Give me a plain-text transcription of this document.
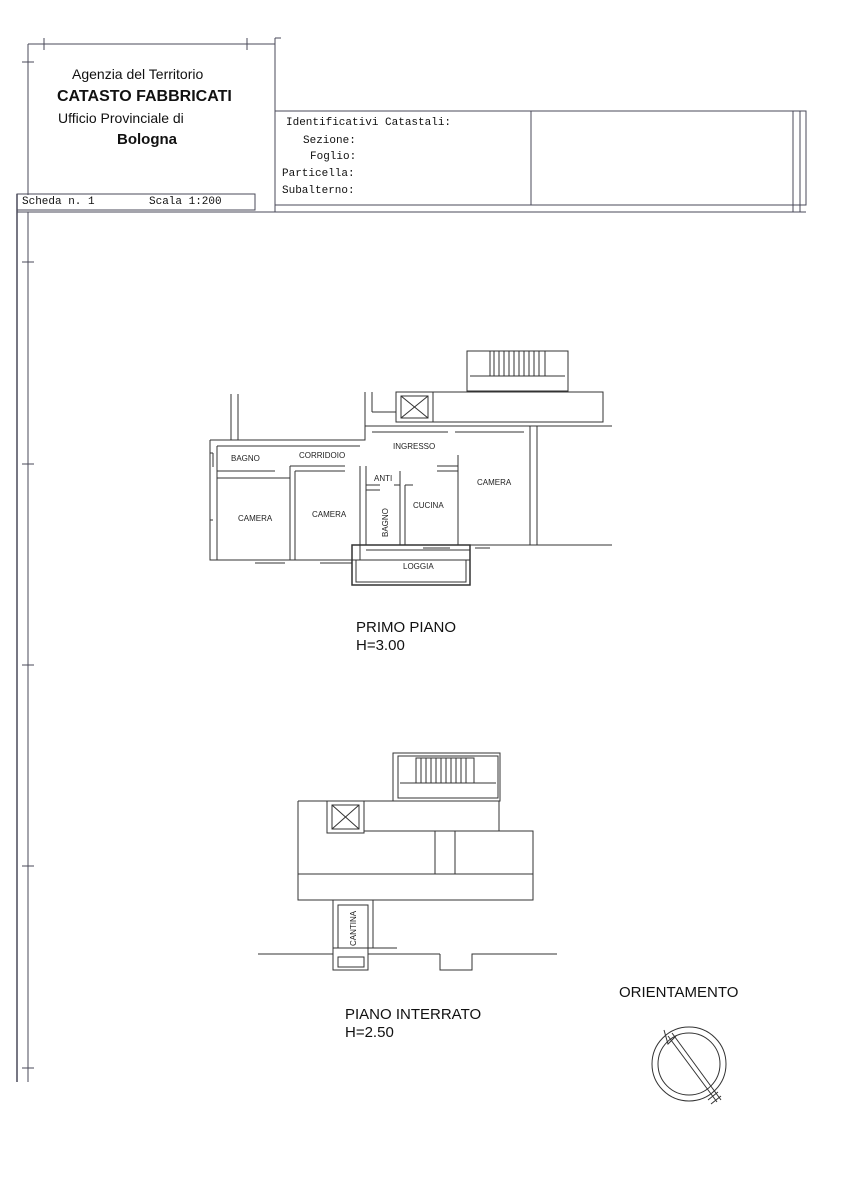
Agenzia del Territorio
CATASTO FABBRICATI
Ufficio Provinciale di
Bologna
Identificativi Catastali:
Sezione:
Foglio:
Particella:
Subalterno:
Scheda n. 1	Scala 1:200
BAGNO	CORRIDOIO
INGRESSO
ANTI
CAMERA	CAMERA	BAGNO
CUCINA
CAMERA
LOGGIA
PRIMO PIANO
H=3.00
CANTINA
PIANO INTERRATO
H=2.50
ORIENTAMENTO
